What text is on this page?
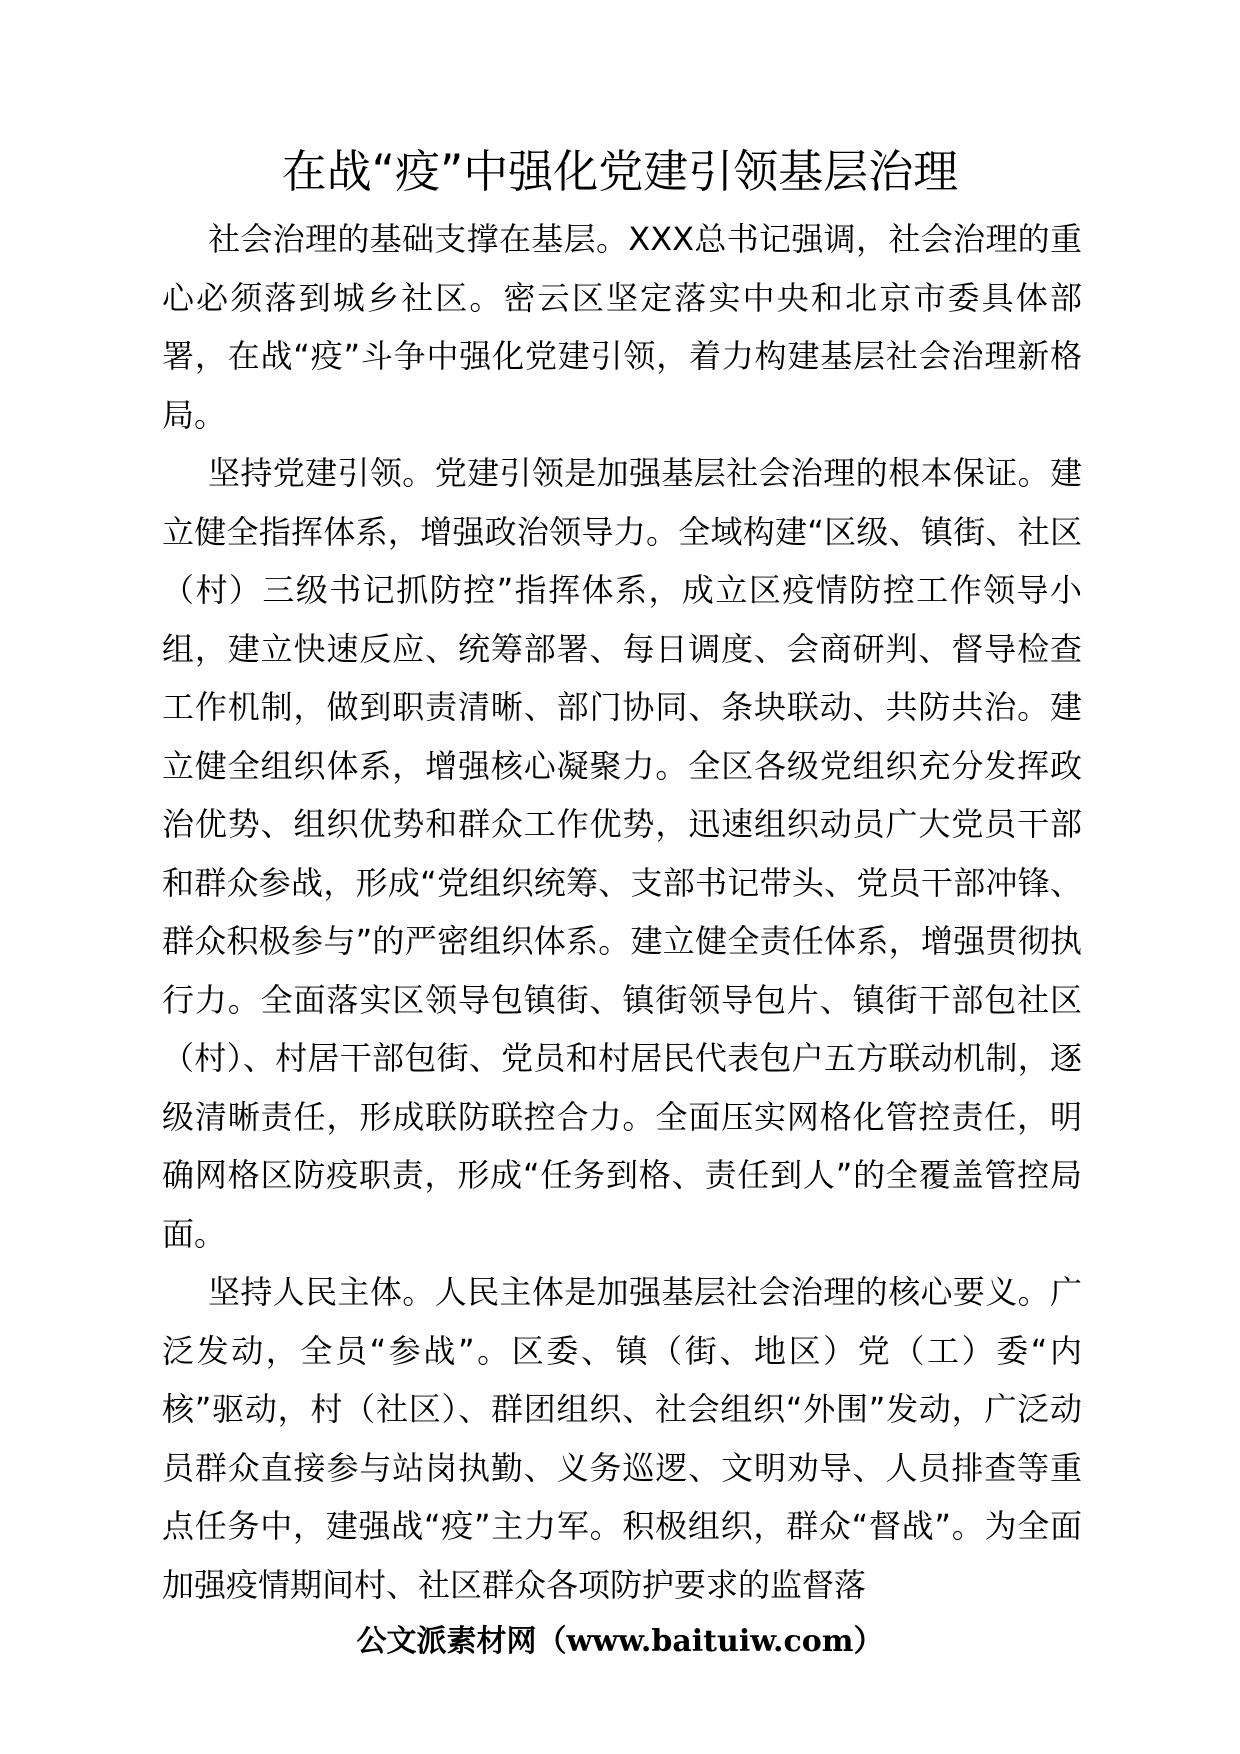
在战“疫”中强化党建引领基层治理

社会治理的基础支撑在基层。XXX总书记强调，社会治理的重心必须落到城乡社区。密云区坚定落实中央和北京市委具体部署，在战“疫”斗争中强化党建引领，着力构建基层社会治理新格局。

坚持党建引领。党建引领是加强基层社会治理的根本保证。建立健全指挥体系，增强政治领导力。全域构建“区级、镇街、社区（村）三级书记抓防控”指挥体系，成立区疫情防控工作领导小组，建立快速反应、统筹部署、每日调度、会商研判、督导检查工作机制，做到职责清晰、部门协同、条块联动、共防共治。建立健全组织体系，增强核心凝聚力。全区各级党组织充分发挥政治优势、组织优势和群众工作优势，迅速组织动员广大党员干部和群众参战，形成“党组织统筹、支部书记带头、党员干部冲锋、群众积极参与”的严密组织体系。建立健全责任体系，增强贯彻执行力。全面落实区领导包镇街、镇街领导包片、镇街干部包社区（村）、村居干部包街、党员和村居民代表包户五方联动机制，逐级清晰责任，形成联防联控合力。全面压实网格化管控责任，明确网格区防疫职责，形成“任务到格、责任到人”的全覆盖管控局面。

坚持人民主体。人民主体是加强基层社会治理的核心要义。广泛发动，全员“参战”。区委、镇（街、地区）党（工）委“内核”驱动，村（社区）、群团组织、社会组织“外围”发动，广泛动员群众直接参与站岗执勤、义务巡逻、文明劝导、人员排查等重点任务中，建强战“疫”主力军。积极组织，群众“督战”。为全面加强疫情期间村、社区群众各项防护要求的监督落

公文派素材网（www.baituiw.com）
